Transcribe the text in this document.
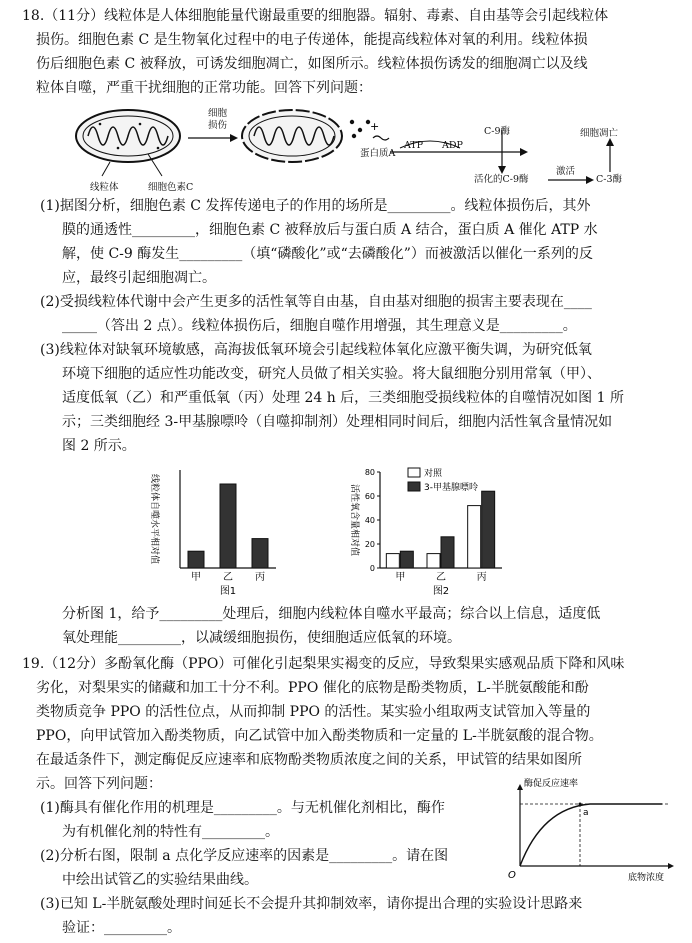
18.（11分）线粒体是人体细胞能量代谢最重要的细胞器。辐射、毒素、自由基等会引起线粒体
损伤。细胞色素 C 是生物氧化过程中的电子传递体，能提高线粒体对氧的利用。线粒体损
伤后细胞色素 C 被释放，可诱发细胞凋亡，如图所示。线粒体损伤诱发的细胞凋亡以及线
粒体自噬，严重干扰细胞的正常功能。回答下列问题：
+
线粒体	细胞色素C
细胞
损伤
蛋白质A
ATP ADP
C-9酶
活化的C-9酶
激活
C-3酶
细胞凋亡
(1)据图分析，细胞色素 C 发挥传递电子的作用的场所是_________。线粒体损伤后，其外
膜的通透性_________，细胞色素 C 被释放后与蛋白质 A 结合，蛋白质 A 催化 ATP 水
解，使 C-9 酶发生_________（填“磷酸化”或“去磷酸化”）而被激活以催化一系列的反
应，最终引起细胞凋亡。
(2)受损线粒体代谢中会产生更多的活性氧等自由基，自由基对细胞的损害主要表现在____
_____（答出 2 点）。线粒体损伤后，细胞自噬作用增强，其生理意义是_________。
(3)线粒体对缺氧环境敏感，高海拔低氧环境会引起线粒体氧化应激平衡失调，为研究低氧
环境下细胞的适应性功能改变，研究人员做了相关实验。将大鼠细胞分别用常氧（甲）、
适度低氧（乙）和严重低氧（丙）处理 24 h 后，三类细胞受损线粒体的自噬情况如图 1 所
示；三类细胞经 3-甲基腺嘌呤（自噬抑制剂）处理相同时间后，细胞内活性氧含量情况如
图 2 所示。
线粒体自噬水平相对值
甲 乙 丙
图1
活性氧含量相对值
0
20
40
60
80
甲	乙	丙
对照
3-甲基腺嘌呤
图2
分析图 1，给予_________处理后，细胞内线粒体自噬水平最高；综合以上信息，适度低
氧处理能_________，以减缓细胞损伤，使细胞适应低氧的环境。
19.（12分）多酚氧化酶（PPO）可催化引起梨果实褐变的反应，导致梨果实感观品质下降和风味
劣化，对梨果实的储藏和加工十分不利。PPO 催化的底物是酚类物质，L-半胱氨酸能和酚
类物质竞争 PPO 的活性位点，从而抑制 PPO 的活性。某实验小组取两支试管加入等量的
PPO，向甲试管加入酚类物质，向乙试管中加入酚类物质和一定量的 L-半胱氨酸的混合物。
在最适条件下，测定酶促反应速率和底物酚类物质浓度之间的关系，甲试管的结果如图所
示。回答下列问题：
(1)酶具有催化作用的机理是_________。与无机催化剂相比，酶作
为有机催化剂的特性有_________。
(2)分析右图，限制 a 点化学反应速率的因素是_________。请在图
中绘出试管乙的实验结果曲线。
(3)已知 L-半胱氨酸处理时间延长不会提升其抑制效率，请你提出合理的实验设计思路来
验证：_________。
酶促反应速率
底物浓度
O
a
